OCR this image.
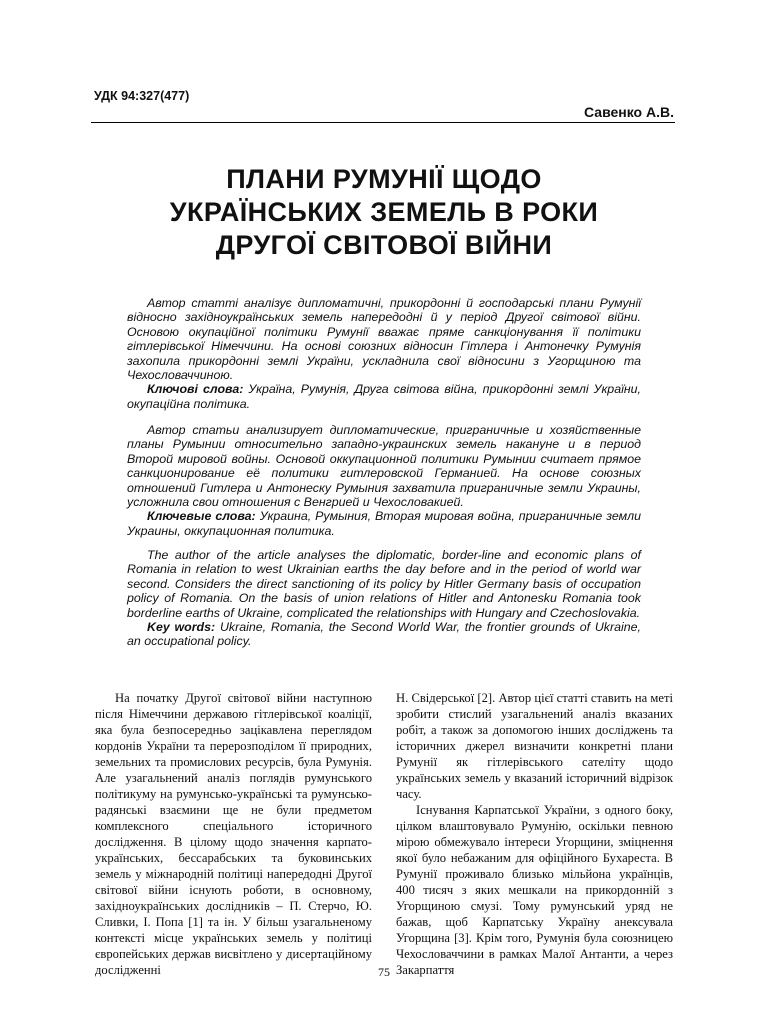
УДК 94:327(477)
Савенко А.В.
ПЛАНИ РУМУНІЇ ЩОДО
УКРАЇНСЬКИХ ЗЕМЕЛЬ В РОКИ
ДРУГОЇ СВІТОВОЇ ВІЙНИ

Автор статті аналізує дипломатичні, прикордонні й господарські плани Румунії відносно західноукраїнських земель напередодні й у період Другої світової війни. Основою окупаційної політики Румунії вважає пряме санкціонування її політики гітлерівської Німеччини. На основі союзних відносин Гітлера і Антонечку Румунія захопила прикордонні землі України, ускладнила свої відносини з Угорщиною та Чехословаччиною.

Ключові слова: Україна, Румунія, Друга світова війна, прикордонні землі України, окупаційна політика.

Автор статьи анализирует дипломатические, приграничные и хозяйственные планы Румынии относительно западно-украинских земель накануне и в период Второй мировой войны. Основой оккупационной политики Румынии считает прямое санкционирование её политики гитлеровской Германией. На основе союзных отношений Гитлера и Антонеску Румыния захватила приграничные земли Украины, усложнила свои отношения с Венгрией и Чехословакией.

Ключевые слова: Украина, Румыния, Вторая мировая война, приграничные земли Украины, оккупационная политика.

The author of the article analyses the diplomatic, border-line and economic plans of Romania in relation to west Ukrainian earths the day before and in the period of world war second. Considers the direct sanctioning of its policy by Hitler Germany basis of occupation policy of Romania. On the basis of union relations of Hitler and Antonesku Romania took borderline earths of Ukraine, complicated the relationships with Hungary and Czechoslovakia.

Key words: Ukraine, Romania, the Second World War, the frontier grounds of Ukraine, an occupational policy.

На початку Другої світової війни наступною після Німеччини державою гітлерівської коаліції, яка була безпосередньо зацікавлена переглядом кордонів України та перерозподілом її природних, земельних та промислових ресурсів, була Румунія. Але узагальнений аналіз поглядів румунського політикуму на румунсько-українські та румунсько-радянські взаємини ще не були предметом комплексного спеціального історичного дослідження. В цілому щодо значення карпато-українських, бессарабських та буковинських земель у міжнародній політиці напередодні Другої світової війни існують роботи, в основному, західноукраїнських дослідників – П. Стерчо, Ю. Сливки, І. Попа [1] та ін. У більш узагальненому контексті місце українських земель у політиці європейських держав висвітлено у дисертаційному дослідженні

Н. Свідерської [2]. Автор цієї статті ставить на меті зробити стислий узагальнений аналіз вказаних робіт, а також за допомогою інших досліджень та історичних джерел визначити конкретні плани Румунії як гітлерівського сателіту щодо українських земель у вказаний історичний відрізок часу.

Існування Карпатської України, з одного боку, цілком влаштовувало Румунію, оскільки певною мірою обмежувало інтереси Угорщини, зміцнення якої було небажаним для офіційного Бухареста. В Румунії проживало близько мільйона українців, 400 тисяч з яких мешкали на прикордонній з Угорщиною смузі. Тому румунський уряд не бажав, щоб Карпатську Україну анексувала Угорщина [3]. Крім того, Румунія була союзницею Чехословаччини в рамках Малої Антанти, а через Закарпаття

75
